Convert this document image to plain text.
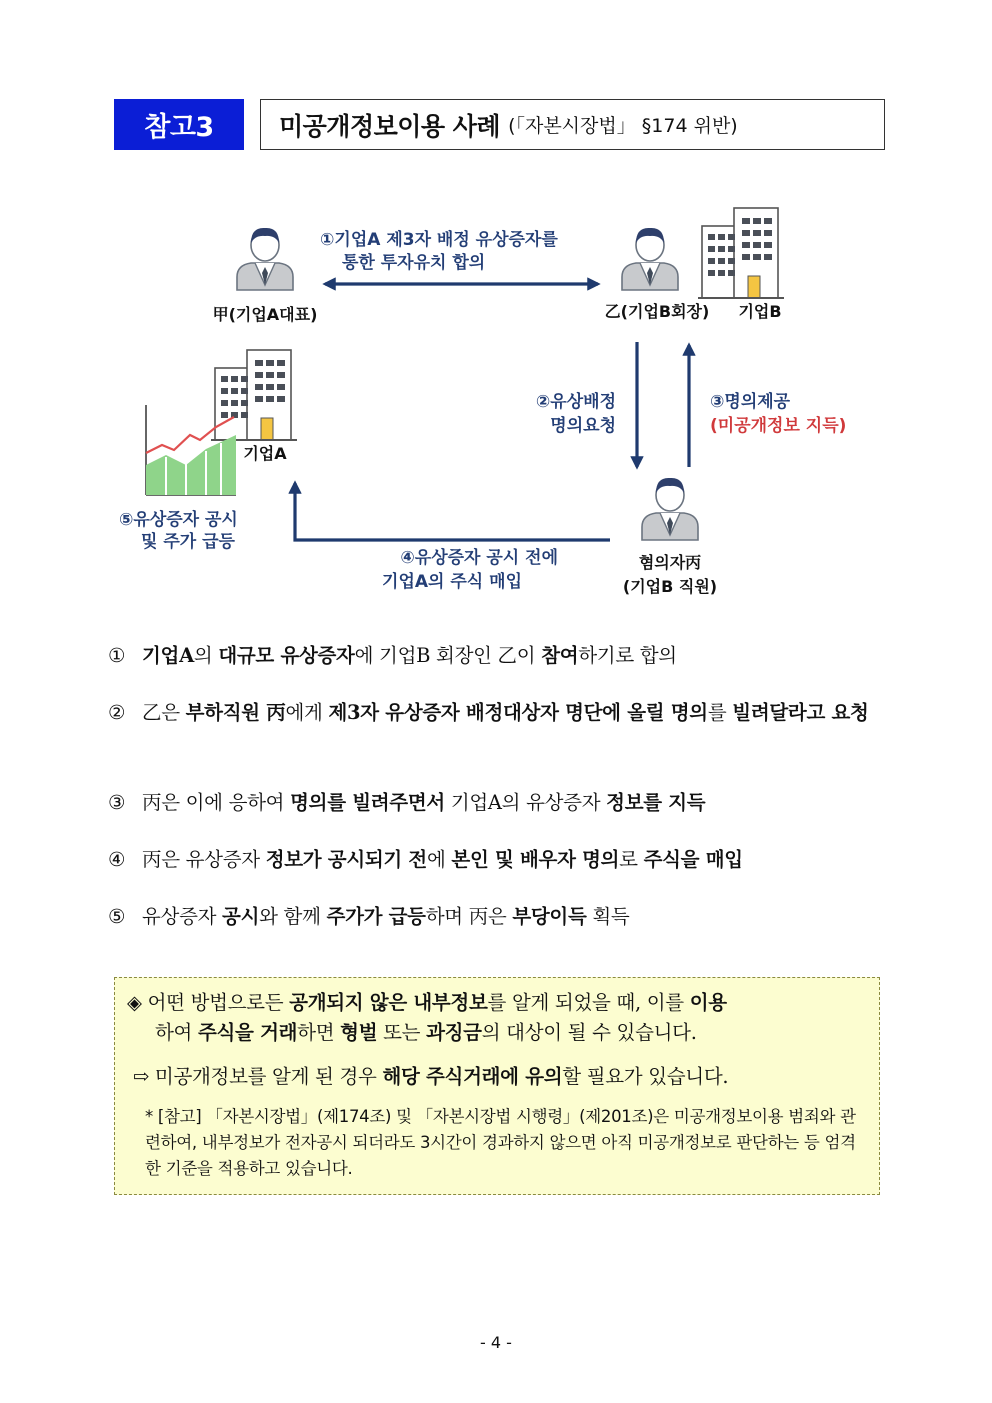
참고3	미공개정보이용 사례 (「자본시장법」 §174 위반)
甲(기업A대표)	乙(기업B회장) 기업B
기업A
혐의자丙
(기업B 직원)
①기업A 제3자 배정 유상증자를
통한 투자유치 합의
②유상배정
명의요청
③명의제공
④유상증자 공시 전에
기업A의 주식 매입
⑤유상증자 공시
및 주가 급등
(미공개정보 지득)
① 기업A의 대규모 유상증자에 기업B 회장인 乙이 참여하기로 합의
② 乙은 부하직원 丙에게 제3자 유상증자 배정대상자 명단에 올릴 명의를 빌려달라고 요청
③ 丙은 이에 응하여 명의를 빌려주면서 기업A의 유상증자 정보를 지득
④ 丙은 유상증자 정보가 공시되기 전에 본인 및 배우자 명의로 주식을 매입
⑤ 유상증자 공시와 함께 주가가 급등하며 丙은 부당이득 획득
◈ 어떤 방법으로든 공개되지 않은 내부정보를 알게 되었을 때, 이를 이용
하여 주식을 거래하면 형벌 또는 과징금의 대상이 될 수 있습니다.
⇨ 미공개정보를 알게 된 경우 해당 주식거래에 유의할 필요가 있습니다.
* [참고] 「자본시장법」(제174조) 및 「자본시장법 시행령」(제201조)은 미공개정보이용 범죄와 관련하여, 내부정보가 전자공시 되더라도 3시간이 경과하지 않으면 아직 미공개정보로 판단하는 등 엄격한 기준을 적용하고 있습니다.
- 4 -
